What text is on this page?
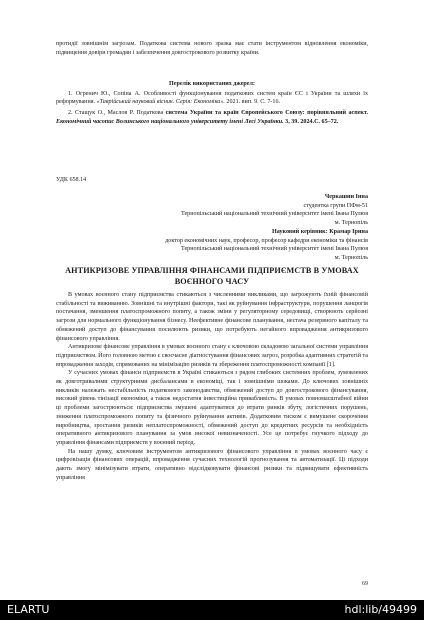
протидії зовнішнім загрозам. Податкова система нового зразка має стати інструментом відновлення економіки, підвищення довіри громадян і забезпечення довгострокового розвитку країни.

Перелік використаних джерел:

1. Огренич Ю., Сопіна А. Особливості функціонування податкових систем країн ЄС і України та шляхи їх реформування. «Таврійський науковий вісник. Серія: Економіка». 2021. вип. 9. С. 7-16.

2. Стащук О., Маслов Р. Податкова система України та країн Європейського Союзу: порівняльний аспект. Економічний часопис Волинського національного університету імені Лесі Українки. 3, 39. 2024.С. 65–72.

УДК 658.14

Черкашин Інна

студентка групи ПФм-51

Тернопільський національний технічний університет імені Івана Пулюя

м. Тернопіль

Науковий керівник: Крамар Ірина

доктор економічних наук, професор, професор кафедри економіки та фінансів

Тернопільський національний технічний університет імені Івана Пулюя

м. Тернопіль

АНТИКРИЗОВЕ УПРАВЛІННЯ ФІНАНСАМИ ПІДПРИЄМСТВ В УМОВАХ
ВОЄННОГО ЧАСУ

В умовах воєнного стану підприємства стикаються з численними викликами, що загрожують їхній фінансовій стабільності та виживанню. Зовнішні та внутрішні фактори, такі як руйнування інфраструктури, порушення ланцюгів постачання, зменшення платоспроможного попиту, а також зміни у регуляторному середовищі, створюють серйозні загрози для нормального функціонування бізнесу. Неефективне фінансове планування, нестача резервного капіталу та обмежений доступ до фінансування посилюють ризики, що потребують негайного впровадження антикризового фінансового управління.

Антикризове фінансове управління в умовах воєнного стану є ключовою складовою загальної системи управління підприємством. Його головною метою є своєчасне діагностування фінансових загроз, розробка адаптивних стратегій та впровадження заходів, спрямованих на мінімізацію ризиків та збереження платоспроможності компанії [1].

У сучасних умовах фінанси підприємств в Україні стикаються з рядом глибоких системних проблем, зумовлених як довготривалими структурними дисбалансами в економіці, так і зовнішніми шоками. До ключових зовнішніх викликів належать нестабільність податкового законодавства, обмежений доступ до довгострокового фінансування, високий рівень тінізації економіки, а також недостатня інвестиційна привабливість. В умовах повномасштабної війни ці проблеми загострюються: підприємства змушені адаптуватися до втрати ринків збуту, логістичних порушень, зниження платоспроможного попиту та фізичного руйнування активів. Додатковим тиском є вимушене скорочення виробництва, зростання ризиків неплатоспроможності, обмежений доступ до кредитних ресурсів та необхідність оперативного антикризового планування за умов високої невизначеності. Усе це потребує гнучкого підходу до управління фінансами підприємств у воєнний період.

На нашу думку, ключовим інструментом антикризового фінансового управління в умовах воєнного часу є цифровізація фінансових операцій, впровадження сучасних технологій прогнозування та автоматизації. Ці підходи дають змогу мінімізувати втрати, оперативно відслідковувати фінансові ризики та підвищувати ефективність управління

69
ELARTU	hdl:lib/49499
